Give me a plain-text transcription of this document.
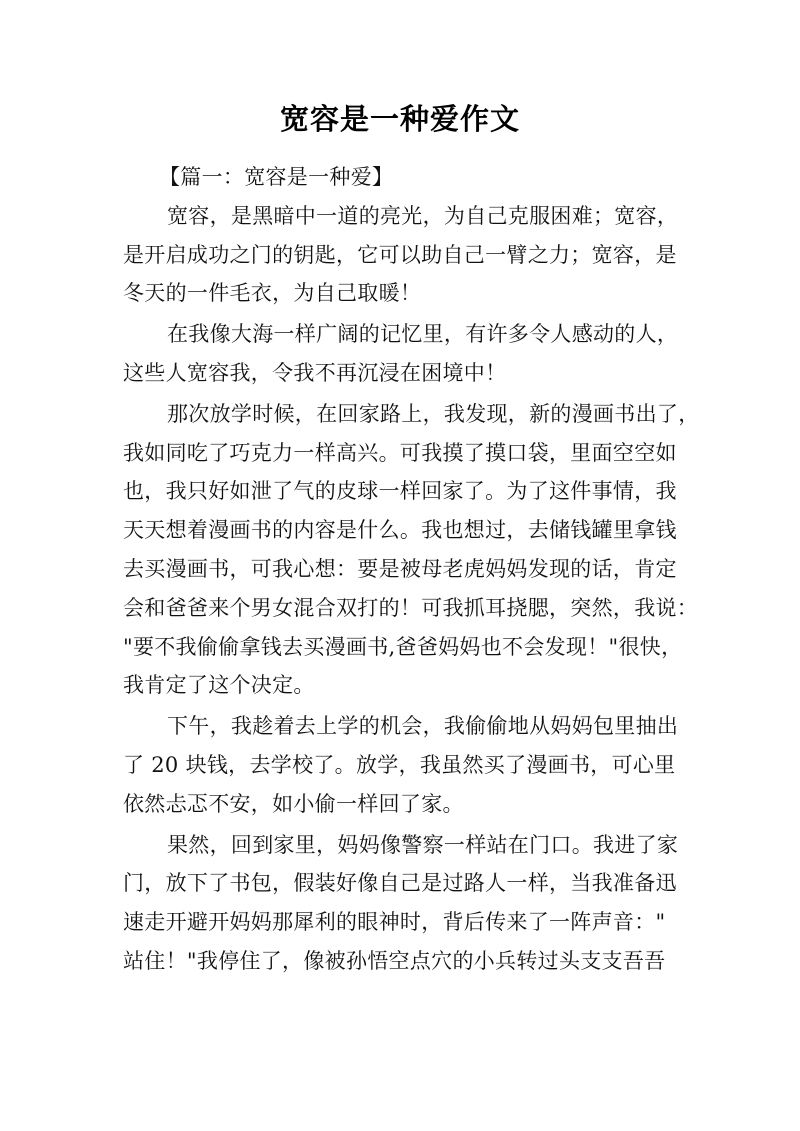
宽容是一种爱作文
【篇一：宽容是一种爱】
宽容，是黑暗中一道的亮光，为自己克服困难；宽容，
是开启成功之门的钥匙，它可以助自己一臂之力；宽容，是
冬天的一件毛衣，为自己取暖！
在我像大海一样广阔的记忆里，有许多令人感动的人，
这些人宽容我，令我不再沉浸在困境中！
那次放学时候，在回家路上，我发现，新的漫画书出了，
我如同吃了巧克力一样高兴。可我摸了摸口袋，里面空空如
也，我只好如泄了气的皮球一样回家了。为了这件事情，我
天天想着漫画书的内容是什么。我也想过，去储钱罐里拿钱
去买漫画书，可我心想：要是被母老虎妈妈发现的话，肯定
会和爸爸来个男女混合双打的！可我抓耳挠腮，突然，我说：
"要不我偷偷拿钱去买漫画书,爸爸妈妈也不会发现！"很快，
我肯定了这个决定。
下午，我趁着去上学的机会，我偷偷地从妈妈包里抽出
了 20 块钱，去学校了。放学，我虽然买了漫画书，可心里
依然忐忑不安，如小偷一样回了家。
果然，回到家里，妈妈像警察一样站在门口。我进了家
门，放下了书包，假装好像自己是过路人一样，当我准备迅
速走开避开妈妈那犀利的眼神时，背后传来了一阵声音："
站住！"我停住了，像被孙悟空点穴的小兵转过头支支吾吾
